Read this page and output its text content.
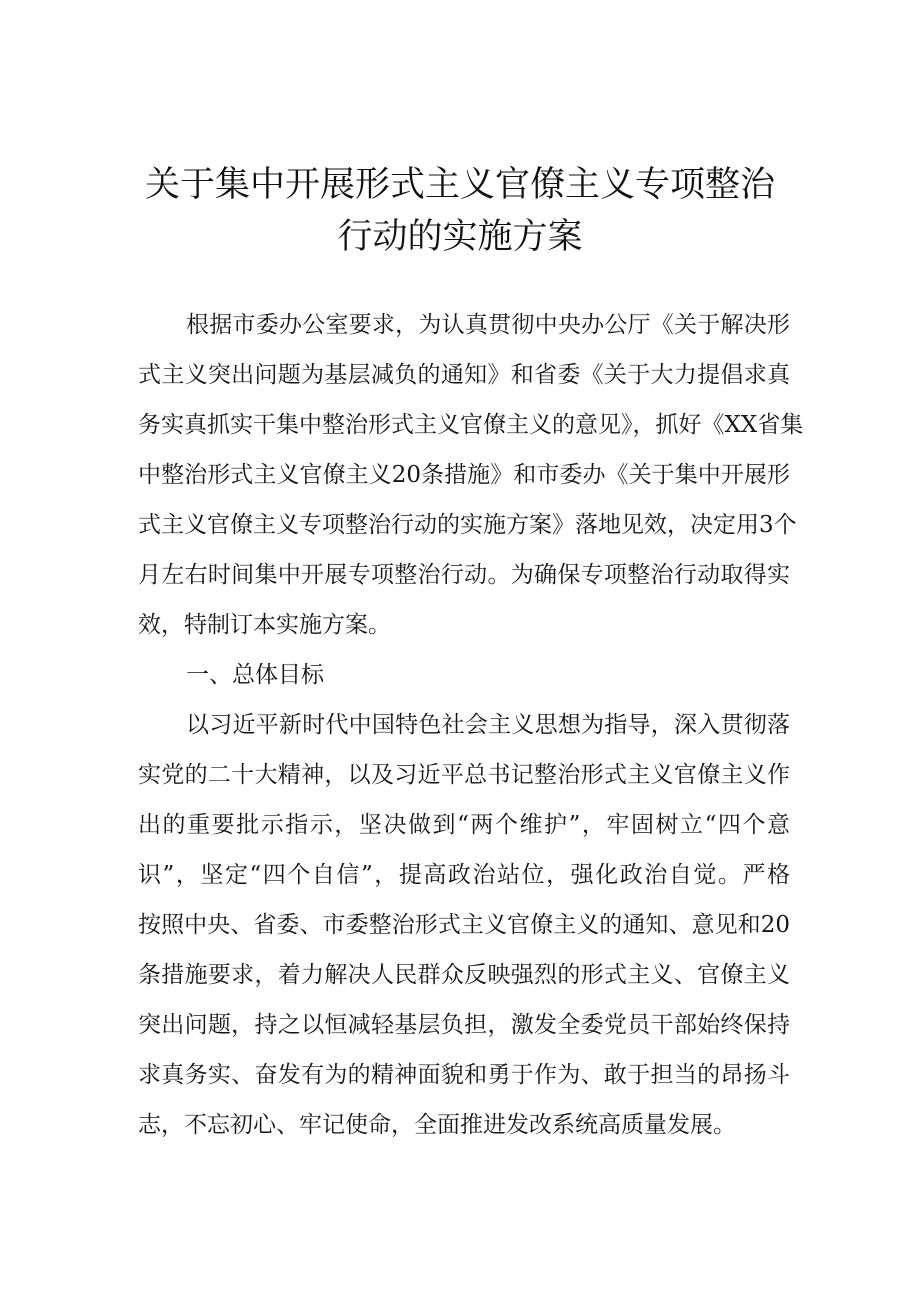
关于集中开展形式主义官僚主义专项整治
行动的实施方案
根据市委办公室要求，为认真贯彻中央办公厅《关于解决形
式主义突出问题为基层减负的通知》和省委《关于大力提倡求真
务实真抓实干集中整治形式主义官僚主义的意见》，抓好《XX省集
中整治形式主义官僚主义20条措施》和市委办《关于集中开展形
式主义官僚主义专项整治行动的实施方案》落地见效，决定用3个
月左右时间集中开展专项整治行动。为确保专项整治行动取得实
效，特制订本实施方案。
一、总体目标
以习近平新时代中国特色社会主义思想为指导，深入贯彻落
实党的二十大精神，以及习近平总书记整治形式主义官僚主义作
出的重要批示指示，坚决做到“两个维护”，牢固树立“四个意
识”，坚定“四个自信”，提高政治站位，强化政治自觉。严格
按照中央、省委、市委整治形式主义官僚主义的通知、意见和20
条措施要求，着力解决人民群众反映强烈的形式主义、官僚主义
突出问题，持之以恒减轻基层负担，激发全委党员干部始终保持
求真务实、奋发有为的精神面貌和勇于作为、敢于担当的昂扬斗
志，不忘初心、牢记使命，全面推进发改系统高质量发展。
